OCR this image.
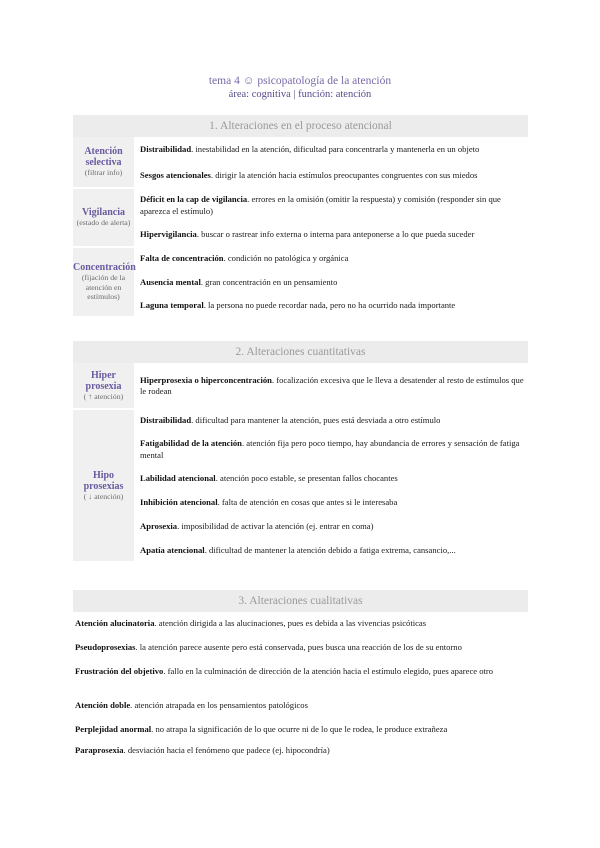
tema 4 ☺ psicopatología de la atención
área: cognitiva | función: atención
1. Alteraciones en el proceso atencional
Atención selectiva
(filtrar info)	Distraibilidad. inestabilidad en la atención, dificultad para concentrarla y mantenerla en un objeto
	Sesgos atencionales. dirigir la atención hacia estímulos preocupantes congruentes con sus miedos

Vigilancia
(estado de alerta)	Déficit en la cap de vigilancia. errores en la omisión (omitir la respuesta) y comisión (responder sin que aparezca el estímulo)
	Hipervigilancia. buscar o rastrear info externa o interna para anteponerse a lo que pueda suceder

Concentración
(fijación de la atención en estímulos)	Falta de concentración. condición no patológica y orgánica
	Ausencia mental. gran concentración en un pensamiento
	Laguna temporal. la persona no puede recordar nada, pero no ha ocurrido nada importante
2. Alteraciones cuantitativas
Hiper prosexia
( ↑ atención)	Hiperprosexia o hiperconcentración. focalización excesiva que le lleva a desatender al resto de estímulos que le rodean

Hipo prosexias
( ↓ atención)	Distraibilidad. dificultad para mantener la atención, pues está desviada a otro estímulo
	Fatigabilidad de la atención. atención fija pero poco tiempo, hay abundancia de errores y sensación de fatiga mental
	Labilidad atencional. atención poco estable, se presentan fallos chocantes
	Inhibición atencional. falta de atención en cosas que antes si le interesaba
	Aprosexia. imposibilidad de activar la atención (ej. entrar en coma)
	Apatía atencional. dificultad de mantener la atención debido a fatiga extrema, cansancio,...
3. Alteraciones cualitativas
Atención alucinatoria. atención dirigida a las alucinaciones, pues es debida a las vivencias psicóticas
Pseudoprosexias. la atención parece ausente pero está conservada, pues busca una reacción de los de su entorno
Frustración del objetivo. fallo en la culminación de dirección de la atención hacia el estímulo elegido, pues aparece otro
Atención doble. atención atrapada en los pensamientos patológicos
Perplejidad anormal. no atrapa la significación de lo que ocurre ni de lo que le rodea, le produce extrañeza
Paraprosexia. desviación hacia el fenómeno que padece (ej. hipocondría)
